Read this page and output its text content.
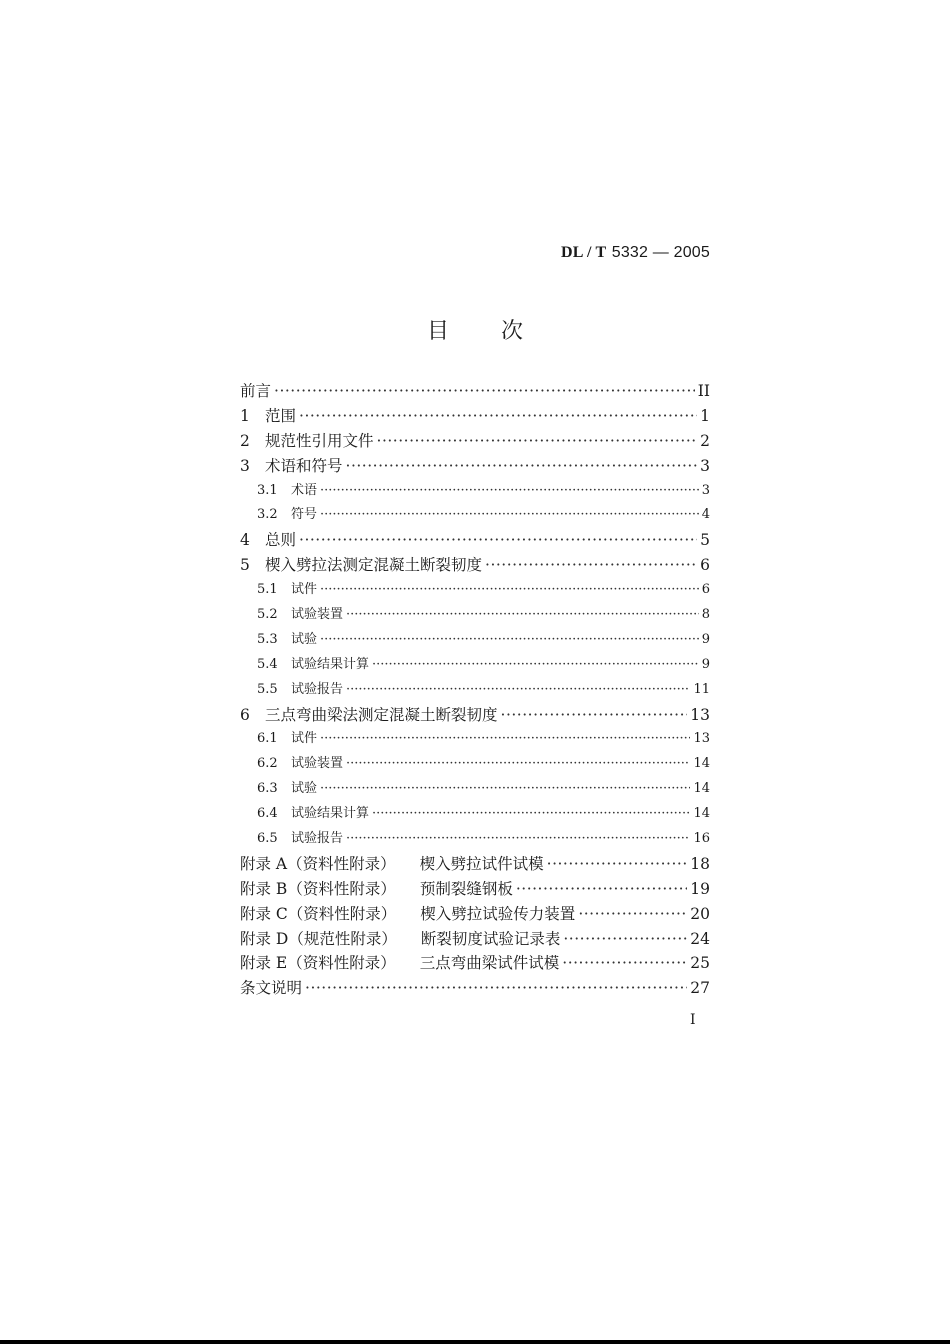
DL / T 5332 — 2005
目 次
前言 ·····	II
1 范围 ·····	1
2 规范性引用文件 ·····	2
3 术语和符号 ·····	3
3.1	术语 ·····	3
3.2	符号 ·····	4
4 总则 ·····	5
5 楔入劈拉法测定混凝土断裂韧度 ·····	6
5.1	试件 ·····	6
5.2	试验装置 ·····	8
5.3	试验 ·····	9
5.4	试验结果计算 ·····	9
5.5	试验报告 ·····	11
6 三点弯曲梁法测定混凝土断裂韧度 ·····	13
6.1	试件 ·····	13
6.2	试验装置 ·····	14
6.3	试验 ·····	14
6.4	试验结果计算 ·····	14
6.5	试验报告 ·····	16
附录 A（资料性附录） 楔入劈拉试件试模 ·····	18
附录 B（资料性附录） 预制裂缝钢板 ·····	19
附录 C（资料性附录） 楔入劈拉试验传力装置 ·····	20
附录 D（规范性附录） 断裂韧度试验记录表 ·····	24
附录 E（资料性附录） 三点弯曲梁试件试模 ·····	25
条文说明 ·····	27
I
